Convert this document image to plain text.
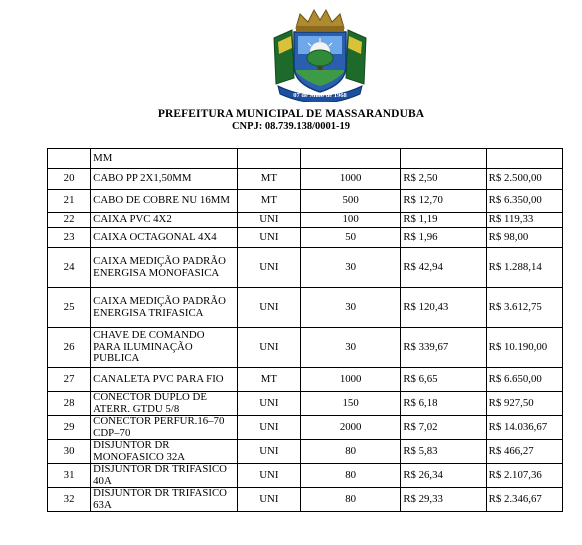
07 de Maio de 1968
PREFEITURA MUNICIPAL DE MASSARANDUBA
CNPJ: 08.739.138/0001-19
	MM				
20	CABO PP 2X1,50MM	MT	1000	R$ 2,50	R$ 2.500,00
21	CABO DE COBRE NU 16MM	MT	500	R$ 12,70	R$ 6.350,00
22	CAIXA PVC 4X2	UNI	100	R$ 1,19	R$ 119,33
23	CAIXA OCTAGONAL 4X4	UNI	50	R$ 1,96	R$ 98,00
24	CAIXA MEDIÇÃO PADRÃO ENERGISA MONOFASICA	UNI	30	R$ 42,94	R$ 1.288,14
25	CAIXA MEDIÇÃO PADRÃO ENERGISA TRIFASICA	UNI	30	R$ 120,43	R$ 3.612,75
26	CHAVE DE COMANDO PARA ILUMINAÇÃO PUBLICA	UNI	30	R$ 339,67	R$ 10.190,00
27	CANALETA PVC PARA FIO	MT	1000	R$ 6,65	R$ 6.650,00
28	CONECTOR DUPLO DE ATERR. GTDU 5/8	UNI	150	R$ 6,18	R$ 927,50
29	CONECTOR PERFUR.16–70 CDP–70	UNI	2000	R$ 7,02	R$ 14.036,67
30	DISJUNTOR DR MONOFASICO 32A	UNI	80	R$ 5,83	R$ 466,27
31	DISJUNTOR DR TRIFASICO 40A	UNI	80	R$ 26,34	R$ 2.107,36
32	DISJUNTOR DR TRIFASICO 63A	UNI	80	R$ 29,33	R$ 2.346,67
